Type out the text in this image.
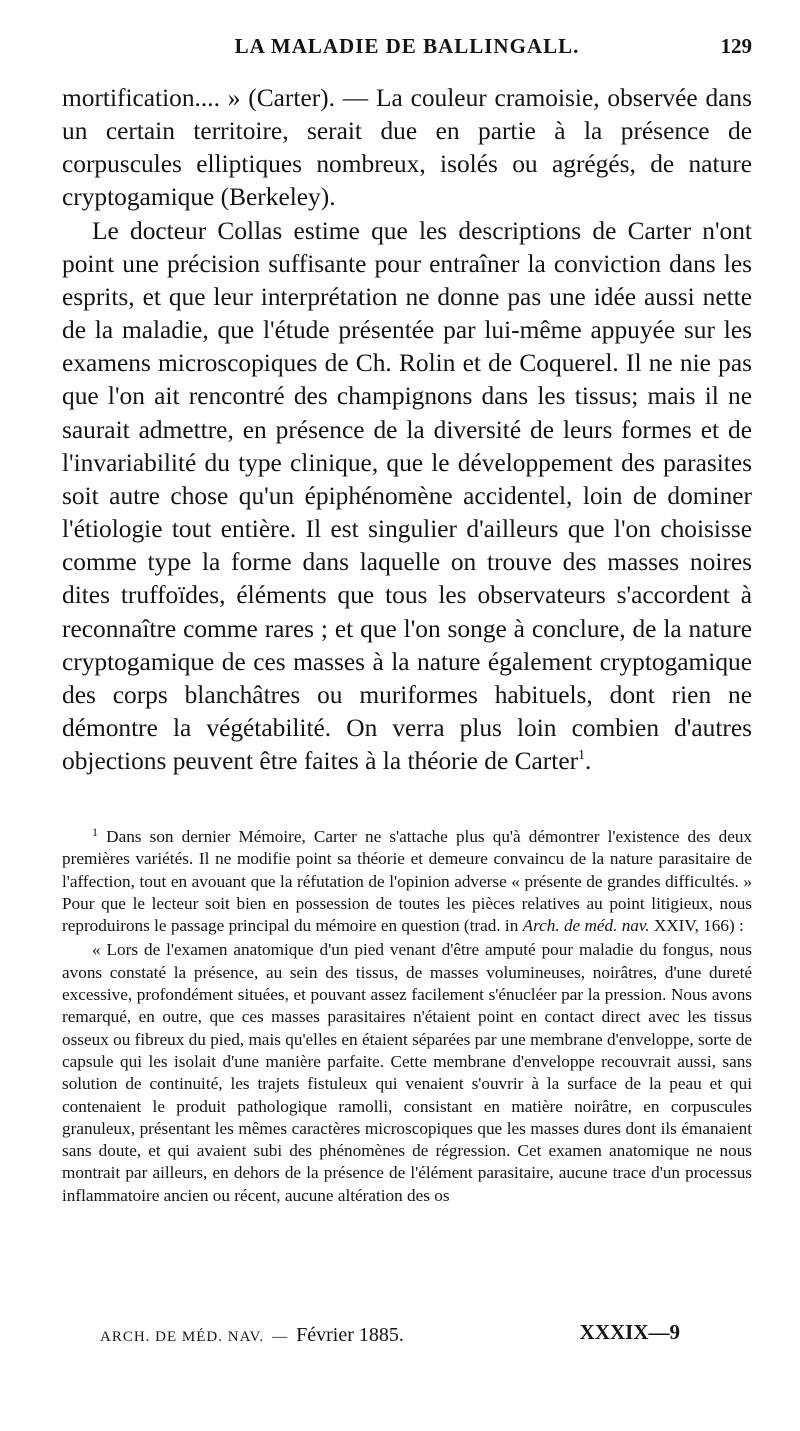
LA MALADIE DE BALLINGALL.	129

mortification.... » (Carter). — La couleur cramoisie, observée dans un certain territoire, serait due en partie à la présence de corpuscules elliptiques nombreux, isolés ou agrégés, de nature cryptogamique (Berkeley).

Le docteur Collas estime que les descriptions de Carter n'ont point une précision suffisante pour entraîner la conviction dans les esprits, et que leur interprétation ne donne pas une idée aussi nette de la maladie, que l'étude présentée par lui-même appuyée sur les examens microscopiques de Ch. Rolin et de Coquerel. Il ne nie pas que l'on ait rencontré des champignons dans les tissus; mais il ne saurait admettre, en présence de la diversité de leurs formes et de l'invariabilité du type clinique, que le développement des parasites soit autre chose qu'un épiphénomène accidentel, loin de dominer l'étiologie tout entière. Il est singulier d'ailleurs que l'on choisisse comme type la forme dans laquelle on trouve des masses noires dites truffoïdes, éléments que tous les observateurs s'accordent à reconnaître comme rares ; et que l'on songe à conclure, de la nature cryptogamique de ces masses à la nature également cryptogamique des corps blanchâtres ou muriformes habituels, dont rien ne démontre la végétabilité. On verra plus loin combien d'autres objections peuvent être faites à la théorie de Carter$^1$.

$^1$ Dans son dernier Mémoire, Carter ne s'attache plus qu'à démontrer l'existence des deux premières variétés. Il ne modifie point sa théorie et demeure convaincu de la nature parasitaire de l'affection, tout en avouant que la réfutation de l'opinion adverse « présente de grandes difficultés. » Pour que le lecteur soit bien en possession de toutes les pièces relatives au point litigieux, nous reproduirons le passage principal du mémoire en question (trad. in Arch. de méd. nav. XXIV, 166) :

« Lors de l'examen anatomique d'un pied venant d'être amputé pour maladie du fongus, nous avons constaté la présence, au sein des tissus, de masses volumineuses, noirâtres, d'une dureté excessive, profondément situées, et pouvant assez facilement s'énucléer par la pression. Nous avons remarqué, en outre, que ces masses parasitaires n'étaient point en contact direct avec les tissus osseux ou fibreux du pied, mais qu'elles en étaient séparées par une membrane d'enveloppe, sorte de capsule qui les isolait d'une manière parfaite. Cette membrane d'enveloppe recouvrait aussi, sans solution de continuité, les trajets fistuleux qui venaient s'ouvrir à la surface de la peau et qui contenaient le produit pathologique ramolli, consistant en matière noirâtre, en corpuscules granuleux, présentant les mêmes caractères microscopiques que les masses dures dont ils émanaient sans doute, et qui avaient subi des phénomènes de régression. Cet examen anatomique ne nous montrait par ailleurs, en dehors de la présence de l'élément parasitaire, aucune trace d'un processus inflammatoire ancien ou récent, aucune altération des os

ARCH. DE MÉD. NAV. — Février 1885.	XXXIX—9
